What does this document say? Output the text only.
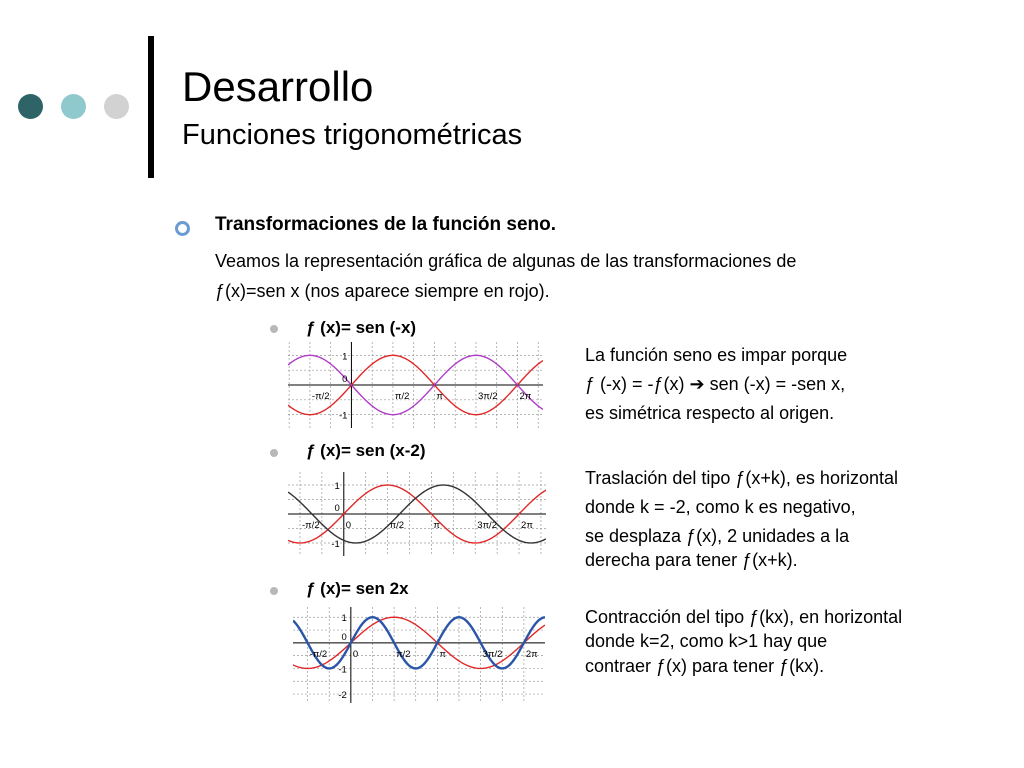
Desarrollo
Funciones trigonométricas
Transformaciones de la función seno.
Veamos la representación gráfica de algunas de las transformaciones de
ƒ(x)=sen x (nos aparece siempre en rojo).
ƒ (x)= sen (-x)
-π/2	π/2	π	3π/2 2π
1
0
-1
La función seno es impar porque
ƒ (-x) = -ƒ(x) ➔ sen (-x) = -sen x,
es simétrica respecto al origen.
ƒ (x)= sen (x-2)
-π/2	0	π/2	π	3π/2	2π
1
0
-1
Traslación del tipo ƒ(x+k), es horizontal
donde k = -2, como k es negativo,
se desplaza ƒ(x), 2 unidades a la
derecha para tener ƒ(x+k).
ƒ (x)= sen 2x
-π/2	0	π/2	π	3π/2 2π
1
0
-1
-2
Contracción del tipo ƒ(kx), en horizontal
donde k=2, como k>1 hay que
contraer ƒ(x) para tener ƒ(kx).
